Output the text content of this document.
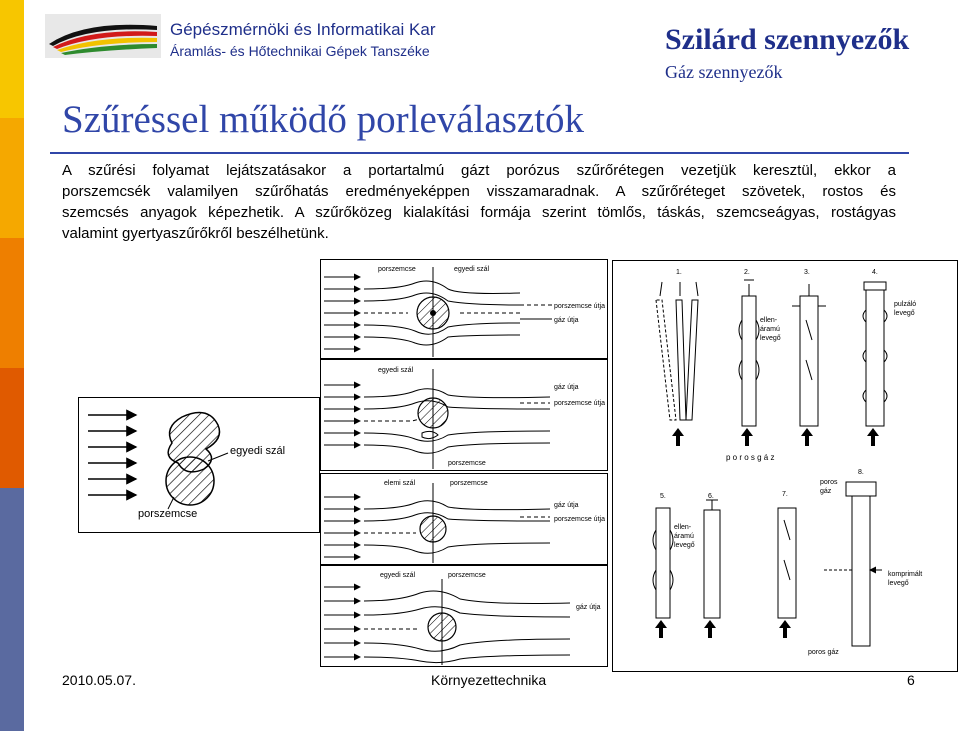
Gépészmérnöki és Informatikai Kar
Áramlás- és Hőtechnikai Gépek Tanszéke	Szilárd szennyezők
Gáz szennyezők
Szűréssel működő porleválasztók
A szűrési folyamat lejátszatásakor a portartalmú gázt porózus szűrőrétegen vezetjük keresztül, ekkor a
porszemcsék valamilyen szűrőhatás eredményeképpen visszamaradnak. A szűrőréteget szövetek, rostos és
szemcsés anyagok képezhetik. A szűrőközeg kialakítási formája szerint tömlős, táskás, szemcseágyas, rostágyas
valamint gyertyaszűrőkről beszélhetünk.
egyedi szál
porszemcse
porszemcse	egyedi szál
porszemcse útja
gáz útja
egyedi szál
gáz útja
porszemcse útja
porszemcse
elemi szál	porszemcse
gáz útja
porszemcse útja
egyedi szál	porszemcse
gáz útja
1.	2.	3.	4.
5.	6.	7.
8.
ellen-
áramú
levegő
pulzáló
levegő
p o r o s g á z
poros
gáz
ellen-
áramú
levegő
komprimált
levegő
poros gáz
2010.05.07.	Környezettechnika	6
